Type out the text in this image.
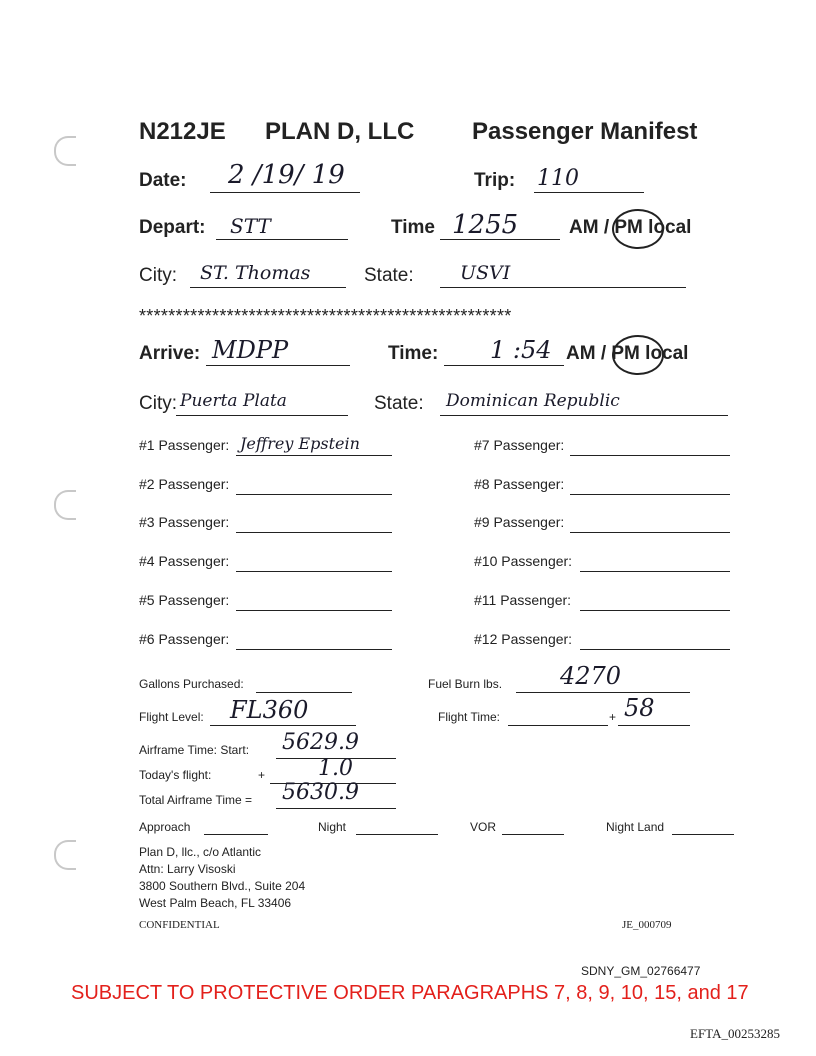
N212JE PLAN D, LLC Passenger Manifest
Date: 2 /19/ 19	Trip: 110
Depart: STT	Time 1255	AM / PM local
City: ST. Thomas	State: USVI
***************************************************
Arrive: MDPP	Time: 1 :54 AM / PM local
City: Puerta Plata	State: Dominican Republic
#1 Passenger: Jeffrey Epstein
#2 Passenger:
#3 Passenger:
#4 Passenger:
#5 Passenger:
#6 Passenger:
#7 Passenger:
#8 Passenger:
#9 Passenger:
#10 Passenger:
#11 Passenger:
#12 Passenger:
Gallons Purchased:	Fuel Burn lbs. 4270
Flight Level: FL360	Flight Time:	+ 58
Airframe Time: Start: 5629.9
Today's flight:	+ 1.0
Total Airframe Time = 5630.9
Approach	Night	VOR	Night Land
Plan D, llc., c/o Atlantic
Attn: Larry Visoski
3800 Southern Blvd., Suite 204
West Palm Beach, FL 33406
CONFIDENTIAL	JE_000709
SDNY_GM_02766477
SUBJECT TO PROTECTIVE ORDER PARAGRAPHS 7, 8, 9, 10, 15, and 17
EFTA_00253285
